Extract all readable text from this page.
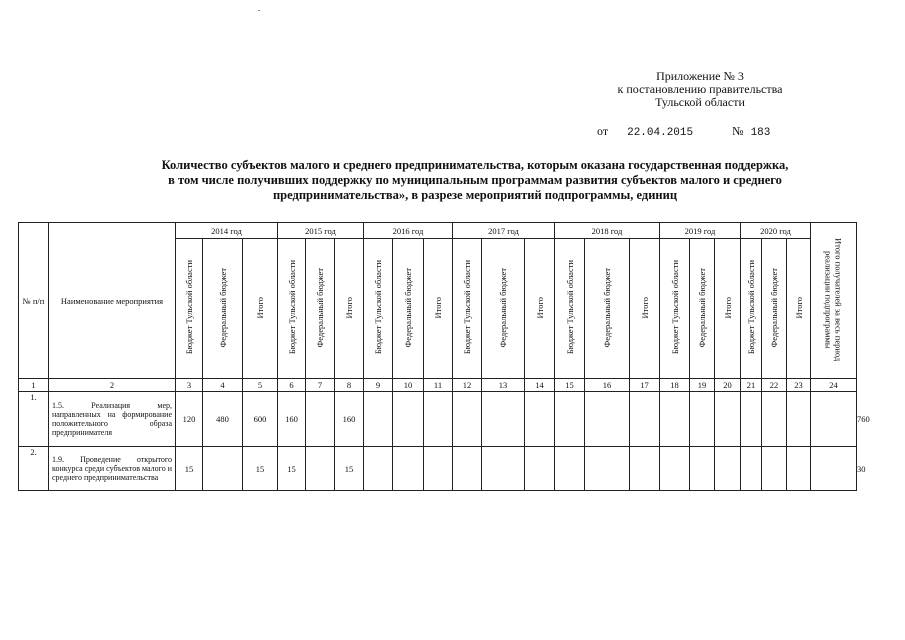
Приложение № 3
к постановлению правительства
Тульской области
от 22.04.2015	№ 183
Количество субъектов малого и среднего предпринимательства, которым оказана государственная поддержка,
в том числе получивших поддержку по муниципальным программам развития субъектов малого и среднего
предпринимательства», в разрезе мероприятий подпрограммы, единиц
№ п/п	Наименование мероприятия	2014 год			2015 год			2016 год			2017 год			2018 год			2019 год			2020 год			Итого получателей за весь период реализации подпрограммы	
		Бюджет Тульской области	Федеральный бюджет	Итого	Бюджет Тульской области	Федеральный бюджет	Итого	Бюджет Тульской области	Федеральный бюджет	Итого	Бюджет Тульской области	Федеральный бюджет	Итого	Бюджет Тульской области	Федеральный бюджет	Итого	Бюджет Тульской области	Федеральный бюджет	Итого	Бюджет Тульской области	Федеральный бюджет	Итого		
1	2	3	4	5	6	7	8	9	10	11	12	13	14	15	16	17	18	19	20	21	22	23	24	
1.	1.5. Реализация мер, направленных на формирование положительного образа предпринимателя	120	480	600	160		160																	760
2.	1.9. Проведение открытого конкурса среди субъектов малого и среднего предпринимательства	15		15	15		15																	30
